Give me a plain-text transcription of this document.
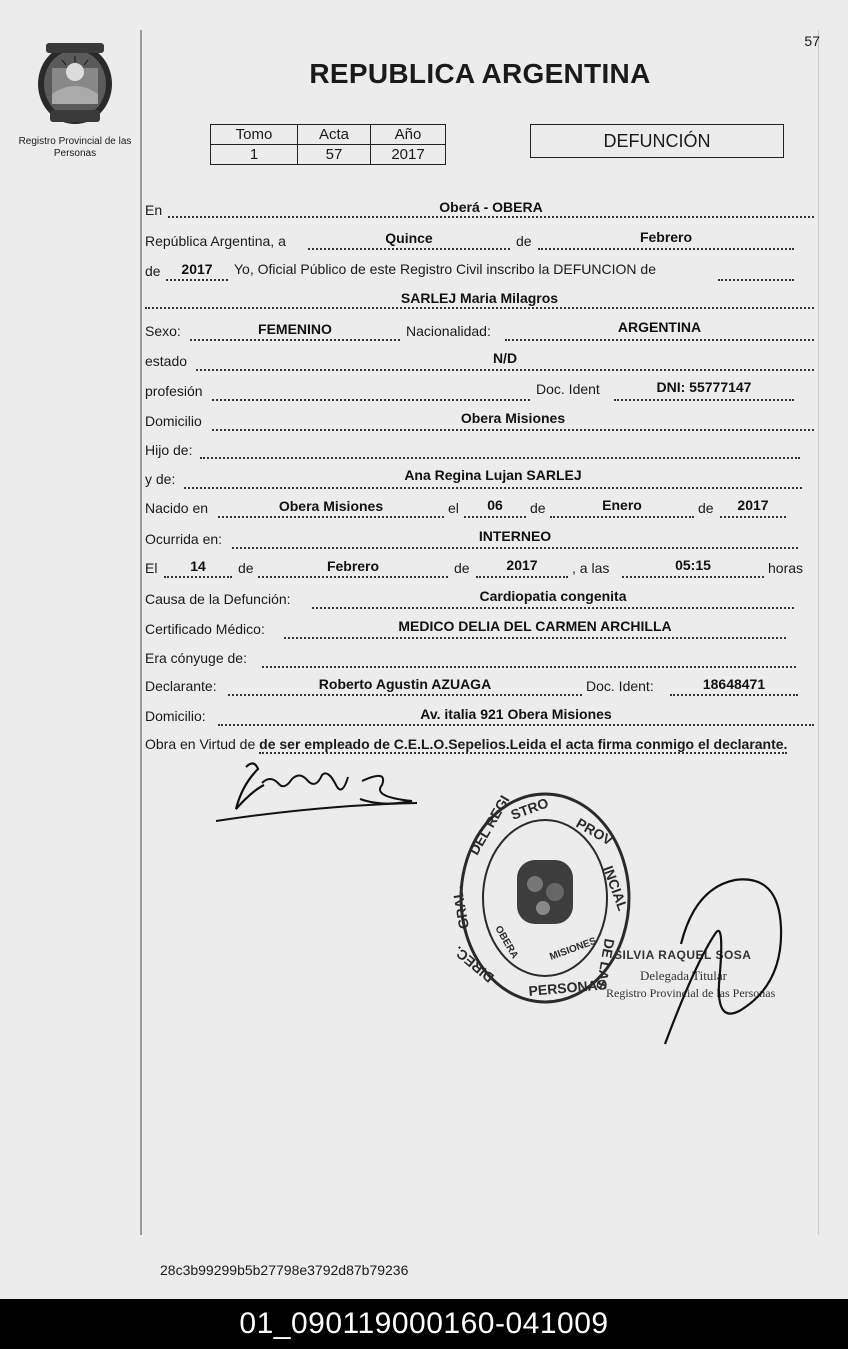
Registro Provincial de las Personas
57
REPUBLICA ARGENTINA
Tomo	Acta	Año
1	57	2017
DEFUNCIÓN
En	Oberá - OBERA
República Argentina, a	Quince	de	Febrero
de	2017	Yo, Oficial Público de este Registro Civil inscribo la DEFUNCION de
SARLEJ Maria Milagros
Sexo:	FEMENINO	Nacionalidad:	ARGENTINA
estado	N/D
profesión	Doc. Ident	DNI: 55777147
Domicilio	Obera Misiones
Hijo de:
y de:	Ana Regina Lujan SARLEJ
Nacido en	Obera Misiones	el	06	de	Enero	de	2017
Ocurrida en:	INTERNEO
El	14	de	Febrero	de	2017	, a las	05:15	horas
Causa de la Defunción:	Cardiopatia congenita
Certificado Médico:	MEDICO DELIA DEL CARMEN ARCHILLA
Era cónyuge de:
Declarante:	Roberto Agustin AZUAGA	Doc. Ident:	18648471
Domicilio:	Av. italia 921 Obera Misiones
Obra en Virtud de de ser empleado de C.E.L.O.Sepelios.Leida el acta firma conmigo el declarante.
STRO
PROV
INCIAL
DE LAS
DEL REGI
GRAL.
DIREC.
PERSONAS
OBERA	MISIONES SILVIA RAQUEL SOSA
Delegada Titular
Registro Provincial de las Personas
28c3b99299b5b27798e3792d87b79236
01_090119000160-041009
